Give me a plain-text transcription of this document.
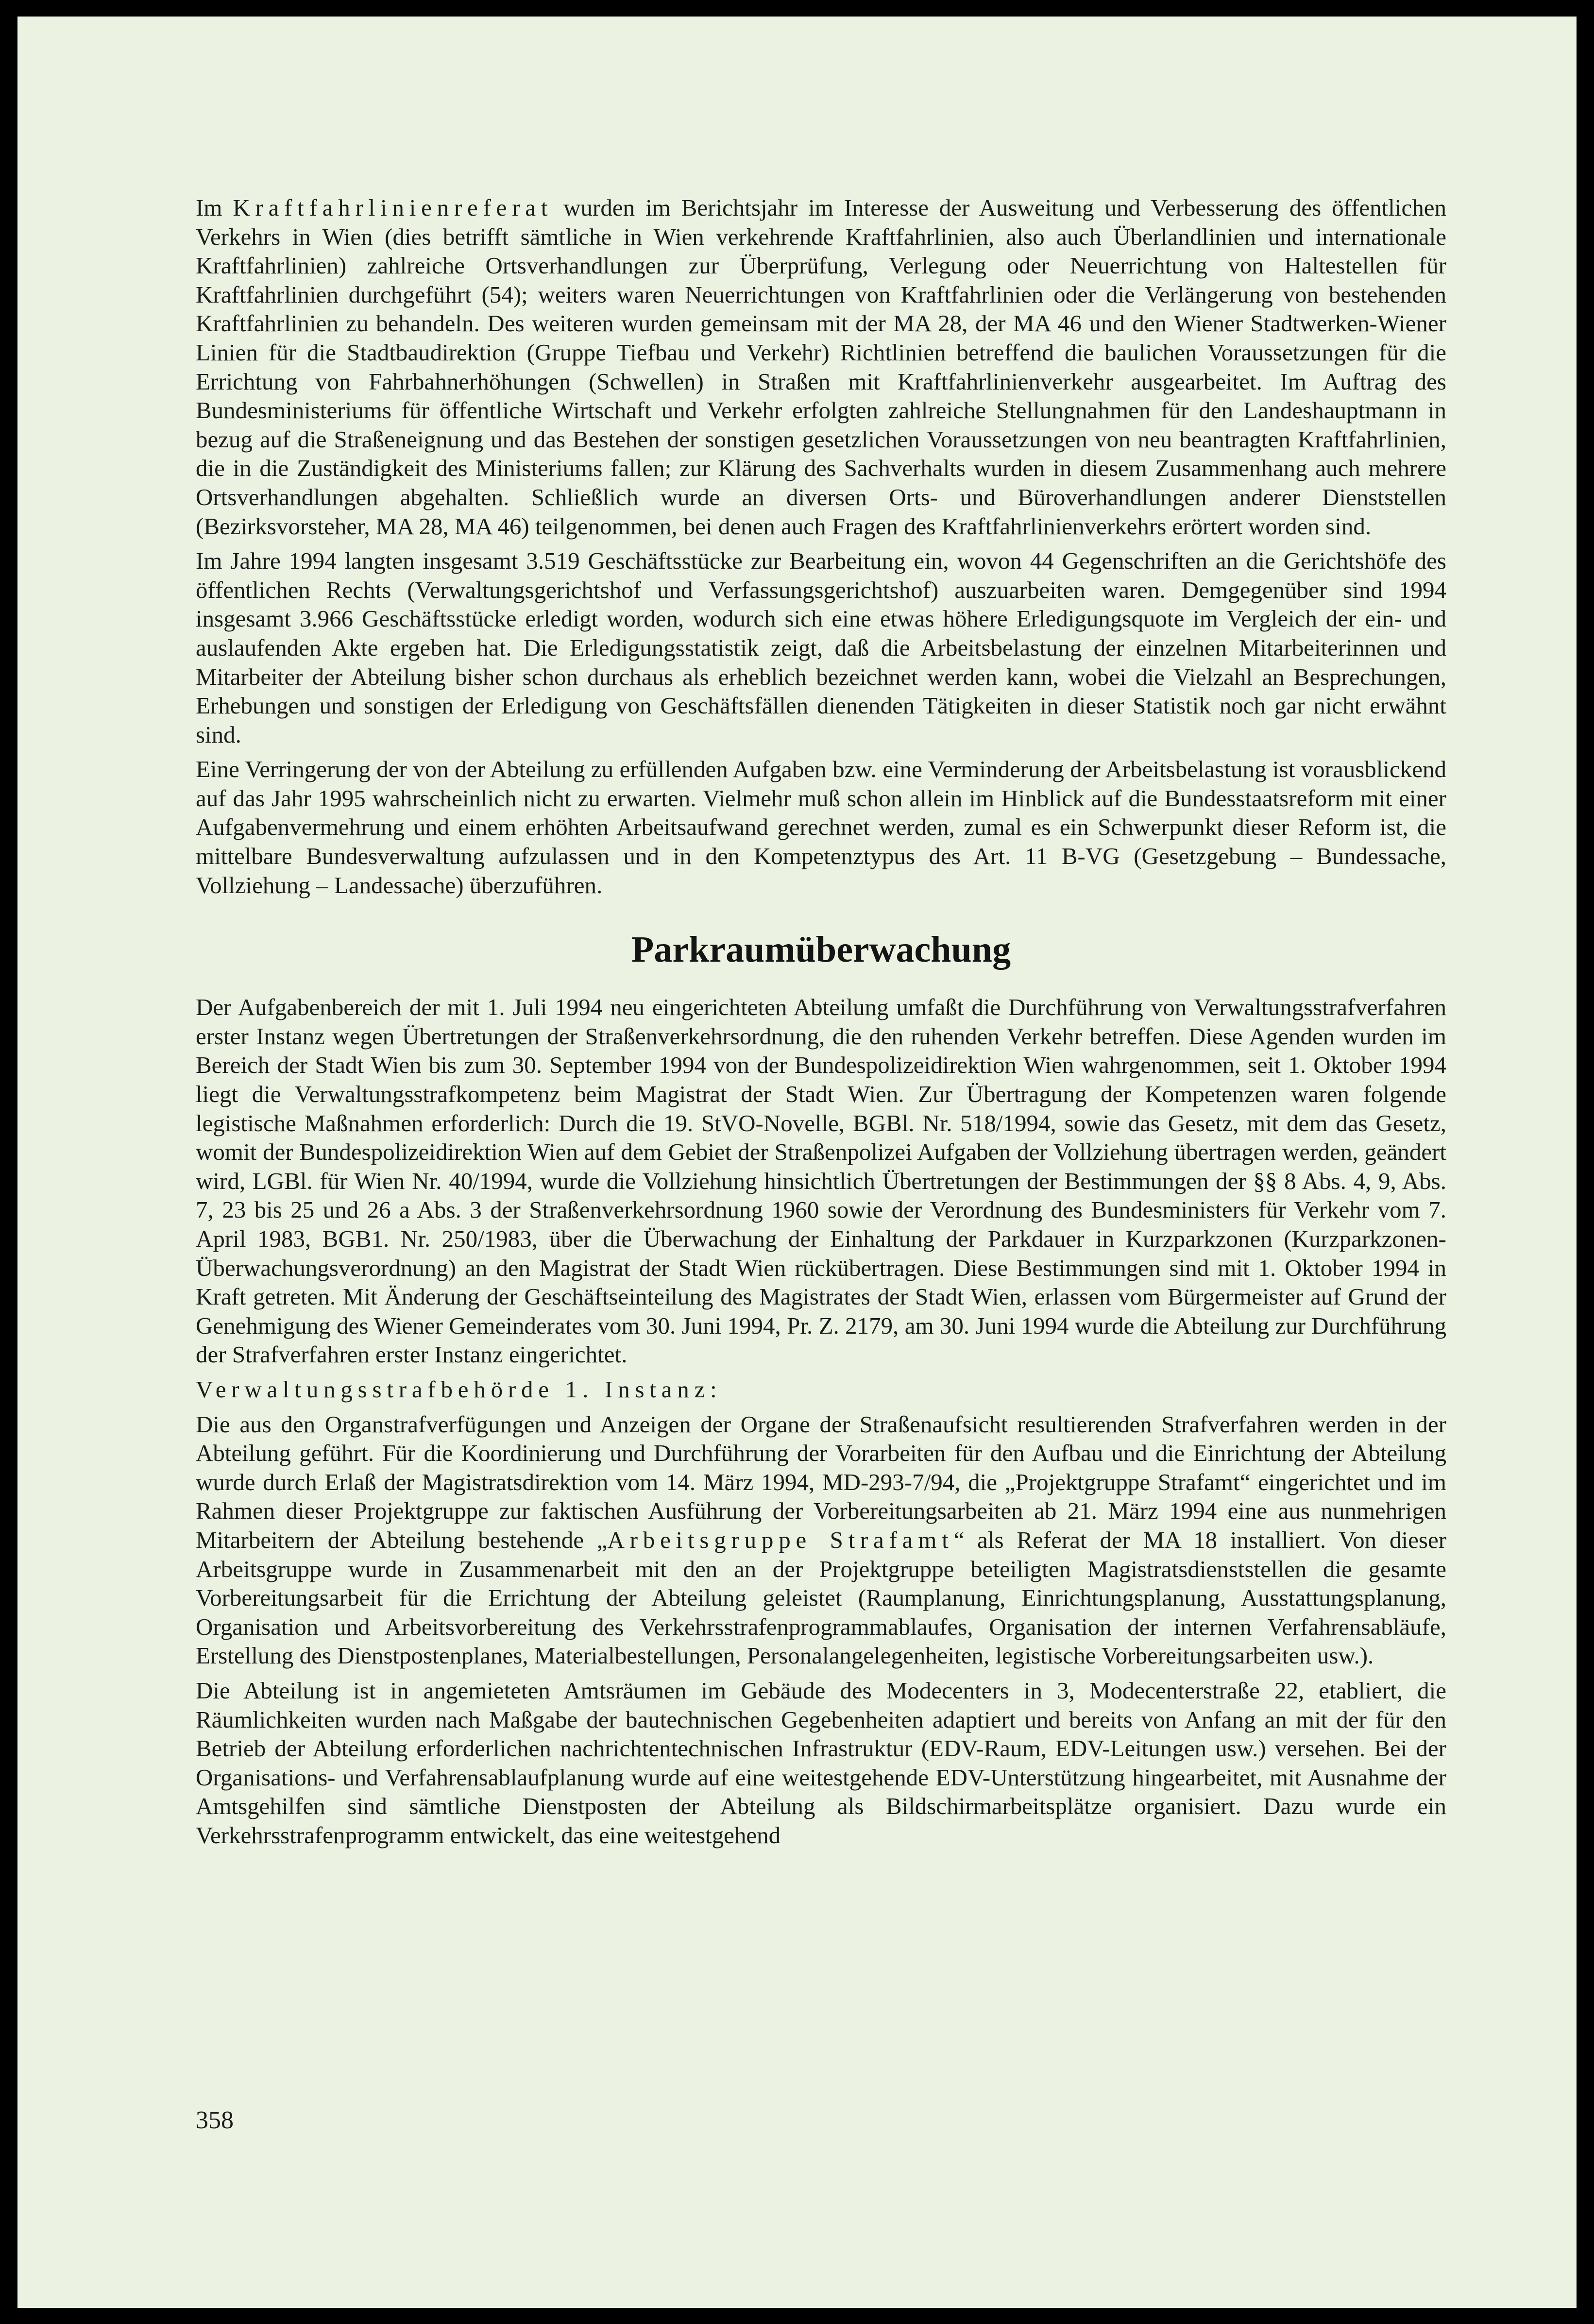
Im Kraftfahrlinienreferat wurden im Berichtsjahr im Interesse der Ausweitung und Verbesserung des öffentlichen Verkehrs in Wien (dies betrifft sämtliche in Wien verkehrende Kraftfahrlinien, also auch Überlandlinien und internationale Kraftfahrlinien) zahlreiche Ortsverhandlungen zur Überprüfung, Verlegung oder Neuerrichtung von Haltestellen für Kraftfahrlinien durchgeführt (54); weiters waren Neuerrichtungen von Kraftfahrlinien oder die Verlängerung von bestehenden Kraftfahrlinien zu behandeln. Des weiteren wurden gemeinsam mit der MA 28, der MA 46 und den Wiener Stadtwerken-Wiener Linien für die Stadtbaudirektion (Gruppe Tiefbau und Verkehr) Richtlinien betreffend die baulichen Voraussetzungen für die Errichtung von Fahrbahnerhöhungen (Schwellen) in Straßen mit Kraftfahrlinienverkehr ausgearbeitet. Im Auftrag des Bundesministeriums für öffentliche Wirtschaft und Verkehr erfolgten zahlreiche Stellungnahmen für den Landeshauptmann in bezug auf die Straßeneignung und das Bestehen der sonstigen gesetzlichen Voraussetzungen von neu beantragten Kraftfahrlinien, die in die Zuständigkeit des Ministeriums fallen; zur Klärung des Sachverhalts wurden in diesem Zusammenhang auch mehrere Ortsverhandlungen abgehalten. Schließlich wurde an diversen Orts- und Büroverhandlungen anderer Dienststellen (Bezirksvorsteher, MA 28, MA 46) teilgenommen, bei denen auch Fragen des Kraftfahrlinienverkehrs erörtert worden sind.

Im Jahre 1994 langten insgesamt 3.519 Geschäftsstücke zur Bearbeitung ein, wovon 44 Gegenschriften an die Gerichtshöfe des öffentlichen Rechts (Verwaltungsgerichtshof und Verfassungsgerichtshof) auszuarbeiten waren. Demgegenüber sind 1994 insgesamt 3.966 Geschäftsstücke erledigt worden, wodurch sich eine etwas höhere Erledigungsquote im Vergleich der ein- und auslaufenden Akte ergeben hat. Die Erledigungsstatistik zeigt, daß die Arbeitsbelastung der einzelnen Mitarbeiterinnen und Mitarbeiter der Abteilung bisher schon durchaus als erheblich bezeichnet werden kann, wobei die Vielzahl an Besprechungen, Erhebungen und sonstigen der Erledigung von Geschäftsfällen dienenden Tätigkeiten in dieser Statistik noch gar nicht erwähnt sind.

Eine Verringerung der von der Abteilung zu erfüllenden Aufgaben bzw. eine Verminderung der Arbeitsbelastung ist vorausblickend auf das Jahr 1995 wahrscheinlich nicht zu erwarten. Vielmehr muß schon allein im Hinblick auf die Bundesstaatsreform mit einer Aufgabenvermehrung und einem erhöhten Arbeitsaufwand gerechnet werden, zumal es ein Schwerpunkt dieser Reform ist, die mittelbare Bundesverwaltung aufzulassen und in den Kompetenztypus des Art. 11 B-VG (Gesetzgebung – Bundessache, Vollziehung – Landessache) überzuführen.

Parkraumüberwachung

Der Aufgabenbereich der mit 1. Juli 1994 neu eingerichteten Abteilung umfaßt die Durchführung von Verwaltungsstrafverfahren erster Instanz wegen Übertretungen der Straßenverkehrsordnung, die den ruhenden Verkehr betreffen. Diese Agenden wurden im Bereich der Stadt Wien bis zum 30. September 1994 von der Bundespolizeidirektion Wien wahrgenommen, seit 1. Oktober 1994 liegt die Verwaltungsstrafkompetenz beim Magistrat der Stadt Wien. Zur Übertragung der Kompetenzen waren folgende legistische Maßnahmen erforderlich: Durch die 19. StVO-Novelle, BGBl. Nr. 518/1994, sowie das Gesetz, mit dem das Gesetz, womit der Bundespolizeidirektion Wien auf dem Gebiet der Straßenpolizei Aufgaben der Vollziehung übertragen werden, geändert wird, LGBl. für Wien Nr. 40/1994, wurde die Vollziehung hinsichtlich Übertretungen der Bestimmungen der §§ 8 Abs. 4, 9, Abs. 7, 23 bis 25 und 26 a Abs. 3 der Straßenverkehrsordnung 1960 sowie der Verordnung des Bundesministers für Verkehr vom 7. April 1983, BGB1. Nr. 250/1983, über die Überwachung der Einhaltung der Parkdauer in Kurzparkzonen (Kurzparkzonen-Überwachungsverordnung) an den Magistrat der Stadt Wien rückübertragen. Diese Bestimmungen sind mit 1. Oktober 1994 in Kraft getreten. Mit Änderung der Geschäftseinteilung des Magistrates der Stadt Wien, erlassen vom Bürgermeister auf Grund der Genehmigung des Wiener Gemeinderates vom 30. Juni 1994, Pr. Z. 2179, am 30. Juni 1994 wurde die Abteilung zur Durchführung der Strafverfahren erster Instanz eingerichtet.

Verwaltungsstrafbehörde 1. Instanz:

Die aus den Organstrafverfügungen und Anzeigen der Organe der Straßenaufsicht resultierenden Strafverfahren werden in der Abteilung geführt. Für die Koordinierung und Durchführung der Vorarbeiten für den Aufbau und die Einrichtung der Abteilung wurde durch Erlaß der Magistratsdirektion vom 14. März 1994, MD-293-7/94, die „Projektgruppe Strafamt“ eingerichtet und im Rahmen dieser Projektgruppe zur faktischen Ausführung der Vorbereitungsarbeiten ab 21. März 1994 eine aus nunmehrigen Mitarbeitern der Abteilung bestehende „Arbeitsgruppe Strafamt“ als Referat der MA 18 installiert. Von dieser Arbeitsgruppe wurde in Zusammenarbeit mit den an der Projektgruppe beteiligten Magistratsdienststellen die gesamte Vorbereitungsarbeit für die Errichtung der Abteilung geleistet (Raumplanung, Einrichtungsplanung, Ausstattungsplanung, Organisation und Arbeitsvorbereitung des Verkehrsstrafenprogrammablaufes, Organisation der internen Verfahrensabläufe, Erstellung des Dienstpostenplanes, Materialbestellungen, Personalangelegenheiten, legistische Vorbereitungsarbeiten usw.).

Die Abteilung ist in angemieteten Amtsräumen im Gebäude des Modecenters in 3, Modecenterstraße 22, etabliert, die Räumlichkeiten wurden nach Maßgabe der bautechnischen Gegebenheiten adaptiert und bereits von Anfang an mit der für den Betrieb der Abteilung erforderlichen nachrichtentechnischen Infrastruktur (EDV-Raum, EDV-Leitungen usw.) versehen. Bei der Organisations- und Verfahrensablaufplanung wurde auf eine weitestgehende EDV-Unterstützung hingearbeitet, mit Ausnahme der Amtsgehilfen sind sämtliche Dienstposten der Abteilung als Bildschirmarbeitsplätze organisiert. Dazu wurde ein Verkehrsstrafenprogramm entwickelt, das eine weitestgehend

358
